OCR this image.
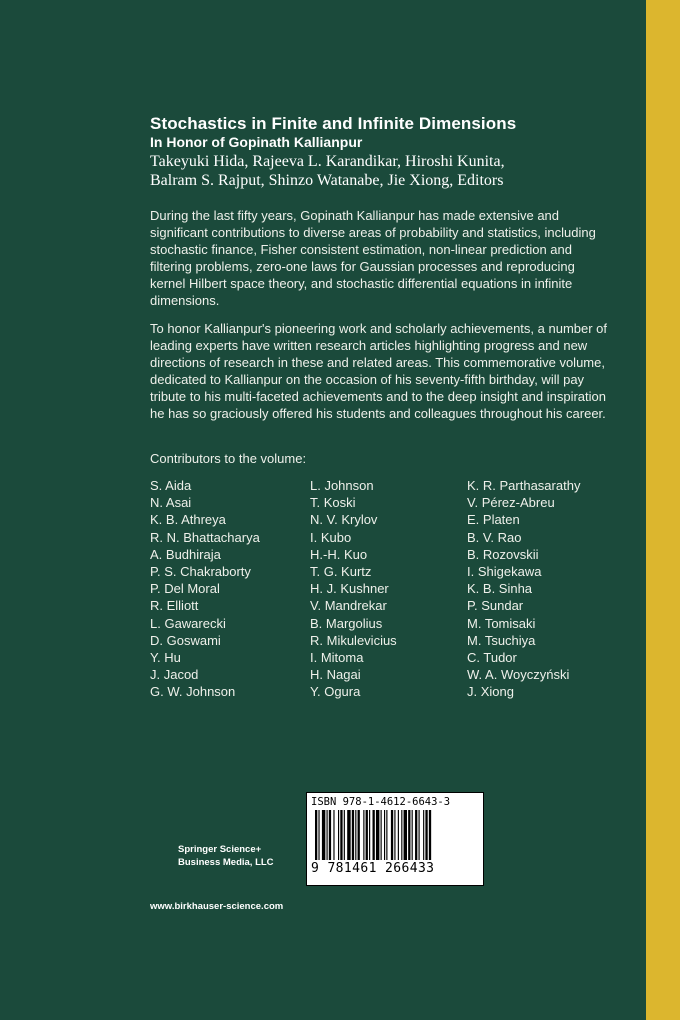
Stochastics in Finite and Infinite Dimensions
In Honor of Gopinath Kallianpur
Takeyuki Hida, Rajeeva L. Karandikar, Hiroshi Kunita,
Balram S. Rajput, Shinzo Watanabe, Jie Xiong, Editors

During the last fifty years, Gopinath Kallianpur has made extensive and significant contributions to diverse areas of probability and statistics, including stochastic finance, Fisher consistent estimation, non-linear prediction and filtering problems, zero-one laws for Gaussian processes and reproducing kernel Hilbert space theory, and stochastic differential equations in infinite dimensions.

To honor Kallianpur's pioneering work and scholarly achievements, a number of leading experts have written research articles highlighting progress and new directions of research in these and related areas. This commemorative volume, dedicated to Kallianpur on the occasion of his seventy-fifth birthday, will pay tribute to his multi-faceted achievements and to the deep insight and inspiration he has so graciously offered his students and colleagues throughout his career.

Contributors to the volume:
S. Aida
N. Asai
K. B. Athreya
R. N. Bhattacharya
A. Budhiraja
P. S. Chakraborty
P. Del Moral
R. Elliott
L. Gawarecki
D. Goswami
Y. Hu
J. Jacod
G. W. Johnson
L. Johnson
T. Koski
N. V. Krylov
I. Kubo
H.-H. Kuo
T. G. Kurtz
H. J. Kushner
V. Mandrekar
B. Margolius
R. Mikulevicius
I. Mitoma
H. Nagai
Y. Ogura
K. R. Parthasarathy
V. Pérez-Abreu
E. Platen
B. V. Rao
B. Rozovskii
I. Shigekawa
K. B. Sinha
P. Sundar
M. Tomisaki
M. Tsuchiya
C. Tudor
W. A. Woyczyński
J. Xiong
ISBN 978-1-4612-6643-3
9 781461 266433
Springer Science+
Business Media, LLC
www.birkhauser-science.com
